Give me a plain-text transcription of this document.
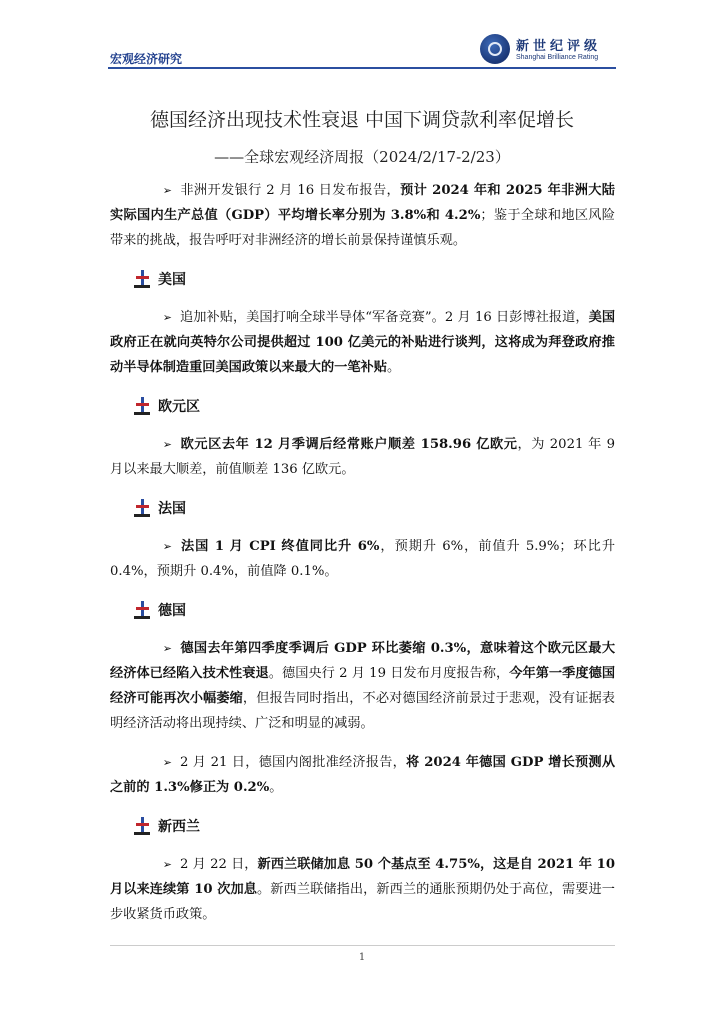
宏观经济研究
新世纪评级
Shanghai Brilliance Rating
德国经济出现技术性衰退 中国下调贷款利率促增长
——全球宏观经济周报（2024/2/17-2/23）

➢ 非洲开发银行 2 月 16 日发布报告，预计 2024 年和 2025 年非洲大陆实际国内生产总值（GDP）平均增长率分别为 3.8%和 4.2%；鉴于全球和地区风险带来的挑战，报告呼吁对非洲经济的增长前景保持谨慎乐观。

美国

➢ 追加补贴，美国打响全球半导体“军备竞赛”。2 月 16 日彭博社报道，美国政府正在就向英特尔公司提供超过 100 亿美元的补贴进行谈判，这将成为拜登政府推动半导体制造重回美国政策以来最大的一笔补贴。

欧元区

➢ 欧元区去年 12 月季调后经常账户顺差 158.96 亿欧元，为 2021 年 9 月以来最大顺差，前值顺差 136 亿欧元。

法国

➢ 法国 1 月 CPI 终值同比升 6%，预期升 6%，前值升 5.9%；环比升 0.4%，预期升 0.4%，前值降 0.1%。

德国

➢ 德国去年第四季度季调后 GDP 环比萎缩 0.3%，意味着这个欧元区最大经济体已经陷入技术性衰退。德国央行 2 月 19 日发布月度报告称，今年第一季度德国经济可能再次小幅萎缩，但报告同时指出，不必对德国经济前景过于悲观，没有证据表明经济活动将出现持续、广泛和明显的减弱。

➢ 2 月 21 日，德国内阁批准经济报告，将 2024 年德国 GDP 增长预测从之前的 1.3%修正为 0.2%。

新西兰

➢ 2 月 22 日，新西兰联储加息 50 个基点至 4.75%，这是自 2021 年 10 月以来连续第 10 次加息。新西兰联储指出，新西兰的通胀预期仍处于高位，需要进一步收紧货币政策。

1
